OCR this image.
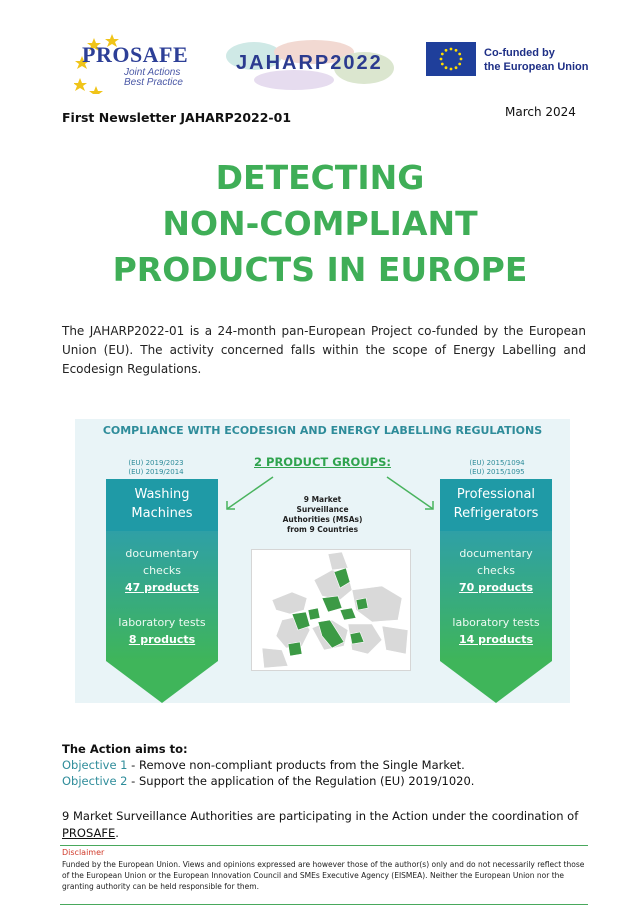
PROSAFE
Joint Actions
Best Practice
JAHARP2022	Co-funded by
the European Union
First Newsletter JAHARP2022-01	March 2024
DETECTING
NON-COMPLIANT
PRODUCTS IN EUROPE
The JAHARP2022-01 is a 24-month pan-European Project co-funded by the European Union (EU). The activity concerned falls within the scope of Energy Labelling and Ecodesign Regulations.
COMPLIANCE WITH ECODESIGN AND ENERGY LABELLING REGULATIONS
2 PRODUCT GROUPS:
(EU) 2019/2023
(EU) 2019/2014
Washing
Machines
documentary
checks
47 products
laboratory tests
8 products
9 Market
Surveillance
Authorities (MSAs)
from 9 Countries
(EU) 2015/1094
(EU) 2015/1095
Professional
Refrigerators
documentary
checks
70 products
laboratory tests
14 products
The Action aims to:
Objective 1 - Remove non-compliant products from the Single Market.
Objective 2 - Support the application of the Regulation (EU) 2019/1020.
9 Market Surveillance Authorities are participating in the Action under the coordination of PROSAFE.
Disclaimer
Funded by the European Union. Views and opinions expressed are however those of the author(s) only and do not necessarily reflect those of the European Union or the European Innovation Council and SMEs Executive Agency (EISMEA). Neither the European Union nor the granting authority can be held responsible for them.
